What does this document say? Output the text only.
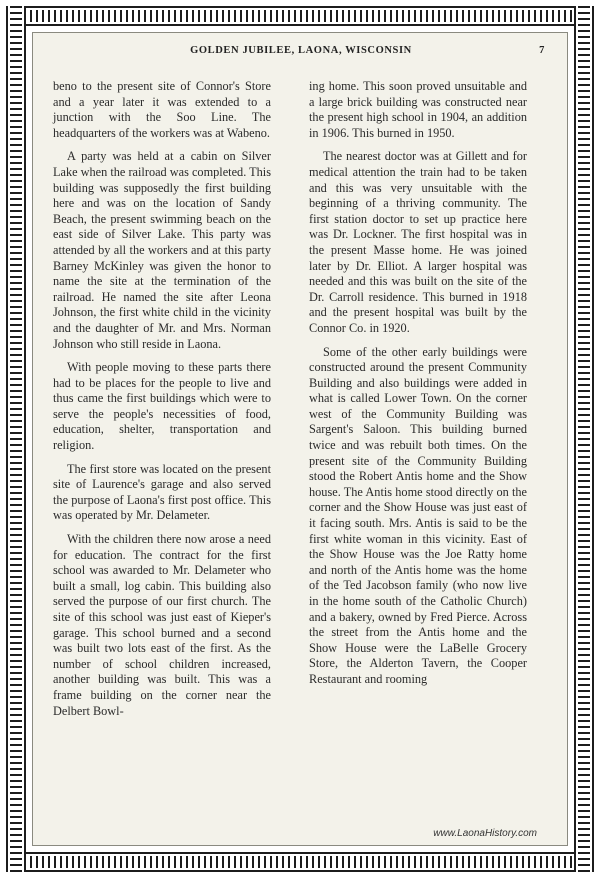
GOLDEN JUBILEE, LAONA, WISCONSIN	7

beno to the present site of Connor's Store and a year later it was extended to a junction with the Soo Line. The headquarters of the workers was at Wabeno.

A party was held at a cabin on Silver Lake when the railroad was completed. This building was supposedly the first building here and was on the location of Sandy Beach, the present swimming beach on the east side of Silver Lake. This party was attended by all the workers and at this party Barney McKinley was given the honor to name the site at the termination of the railroad. He named the site after Leona Johnson, the first white child in the vicinity and the daughter of Mr. and Mrs. Norman Johnson who still reside in Laona.

With people moving to these parts there had to be places for the people to live and thus came the first buildings which were to serve the people's necessities of food, education, shelter, transportation and religion.

The first store was located on the present site of Laurence's garage and also served the purpose of Laona's first post office. This was operated by Mr. Delameter.

With the children there now arose a need for education. The contract for the first school was awarded to Mr. Delameter who built a small, log cabin. This building also served the purpose of our first church. The site of this school was just east of Kieper's garage. This school burned and a second was built two lots east of the first. As the number of school children increased, another building was built. This was a frame building on the corner near the Delbert Bowl-

ing home. This soon proved unsuitable and a large brick building was constructed near the present high school in 1904, an addition in 1906. This burned in 1950.

The nearest doctor was at Gillett and for medical attention the train had to be taken and this was very unsuitable with the beginning of a thriving community. The first station doctor to set up practice here was Dr. Lockner. The first hospital was in the present Masse home. He was joined later by Dr. Elliot. A larger hospital was needed and this was built on the site of the Dr. Carroll residence. This burned in 1918 and the present hospital was built by the Connor Co. in 1920.

Some of the other early buildings were constructed around the present Community Building and also buildings were added in what is called Lower Town. On the corner west of the Community Building was Sargent's Saloon. This building burned twice and was rebuilt both times. On the present site of the Community Building stood the Robert Antis home and the Show house. The Antis home stood directly on the corner and the Show House was just east of it facing south. Mrs. Antis is said to be the first white woman in this vicinity. East of the Show House was the Joe Ratty home and north of the Antis home was the home of the Ted Jacobson family (who now live in the home south of the Catholic Church) and a bakery, owned by Fred Pierce. Across the street from the Antis home and the Show House were the LaBelle Grocery Store, the Alderton Tavern, the Cooper Restaurant and rooming

www.LaonaHistory.com
